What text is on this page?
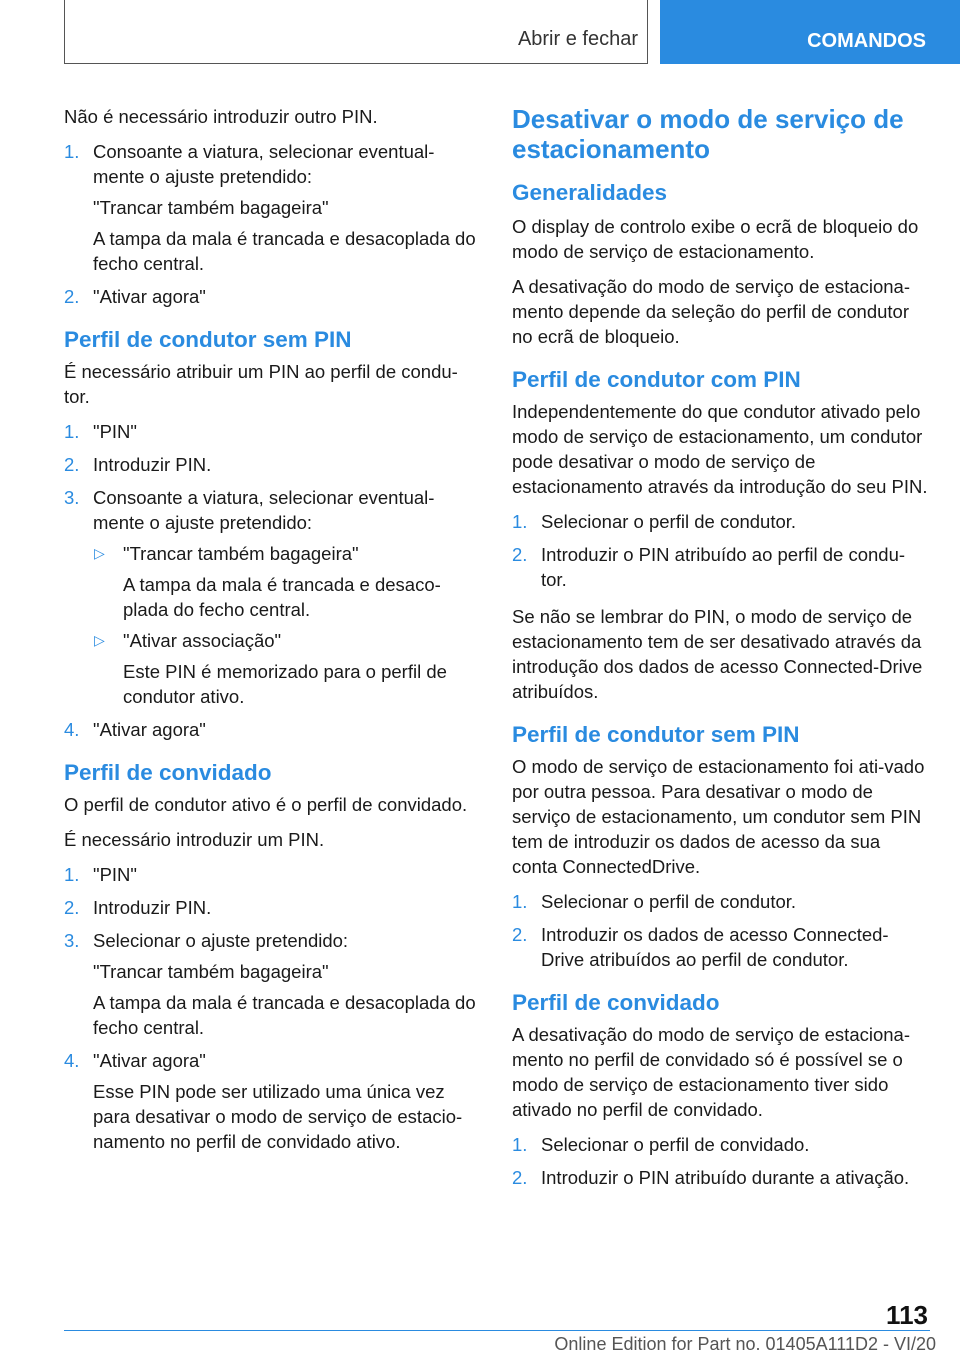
Abrir e fechar	COMANDOS

Não é necessário introduzir outro PIN.

1. Consoante a viatura, selecionar eventual-mente o ajuste pretendido:

"Trancar também bagageira"

A tampa da mala é trancada e desacoplada do fecho central.

2. "Ativar agora"

Perfil de condutor sem PIN

É necessário atribuir um PIN ao perfil de condu-tor.

1. "PIN"

2. Introduzir PIN.

3. Consoante a viatura, selecionar eventual-mente o ajuste pretendido:

▷ "Trancar também bagageira"

A tampa da mala é trancada e desaco-plada do fecho central.

▷ "Ativar associação"

Este PIN é memorizado para o perfil de condutor ativo.

4. "Ativar agora"

Perfil de convidado

O perfil de condutor ativo é o perfil de convidado.

É necessário introduzir um PIN.

1. "PIN"

2. Introduzir PIN.

3. Selecionar o ajuste pretendido:

"Trancar também bagageira"

A tampa da mala é trancada e desacoplada do fecho central.

4. "Ativar agora"

Esse PIN pode ser utilizado uma única vez para desativar o modo de serviço de estacio-namento no perfil de convidado ativo.

Desativar o modo de serviço de estacionamento
Generalidades

O display de controlo exibe o ecrã de bloqueio do modo de serviço de estacionamento.

A desativação do modo de serviço de estaciona-mento depende da seleção do perfil de condutor no ecrã de bloqueio.

Perfil de condutor com PIN

Independentemente do que condutor ativado pelo modo de serviço de estacionamento, um condutor pode desativar o modo de serviço de estacionamento através da introdução do seu PIN.

1. Selecionar o perfil de condutor.

2. Introduzir o PIN atribuído ao perfil de condu-tor.

Se não se lembrar do PIN, o modo de serviço de estacionamento tem de ser desativado através da introdução dos dados de acesso Connected-Drive atribuídos.

Perfil de condutor sem PIN

O modo de serviço de estacionamento foi ati-vado por outra pessoa. Para desativar o modo de serviço de estacionamento, um condutor sem PIN tem de introduzir os dados de acesso da sua conta ConnectedDrive.

1. Selecionar o perfil de condutor.

2. Introduzir os dados de acesso Connected-Drive atribuídos ao perfil de condutor.

Perfil de convidado

A desativação do modo de serviço de estaciona-mento no perfil de convidado só é possível se o modo de serviço de estacionamento tiver sido ativado no perfil de convidado.

1. Selecionar o perfil de convidado.

2. Introduzir o PIN atribuído durante a ativação.

113
Online Edition for Part no. 01405A111D2 - VI/20
